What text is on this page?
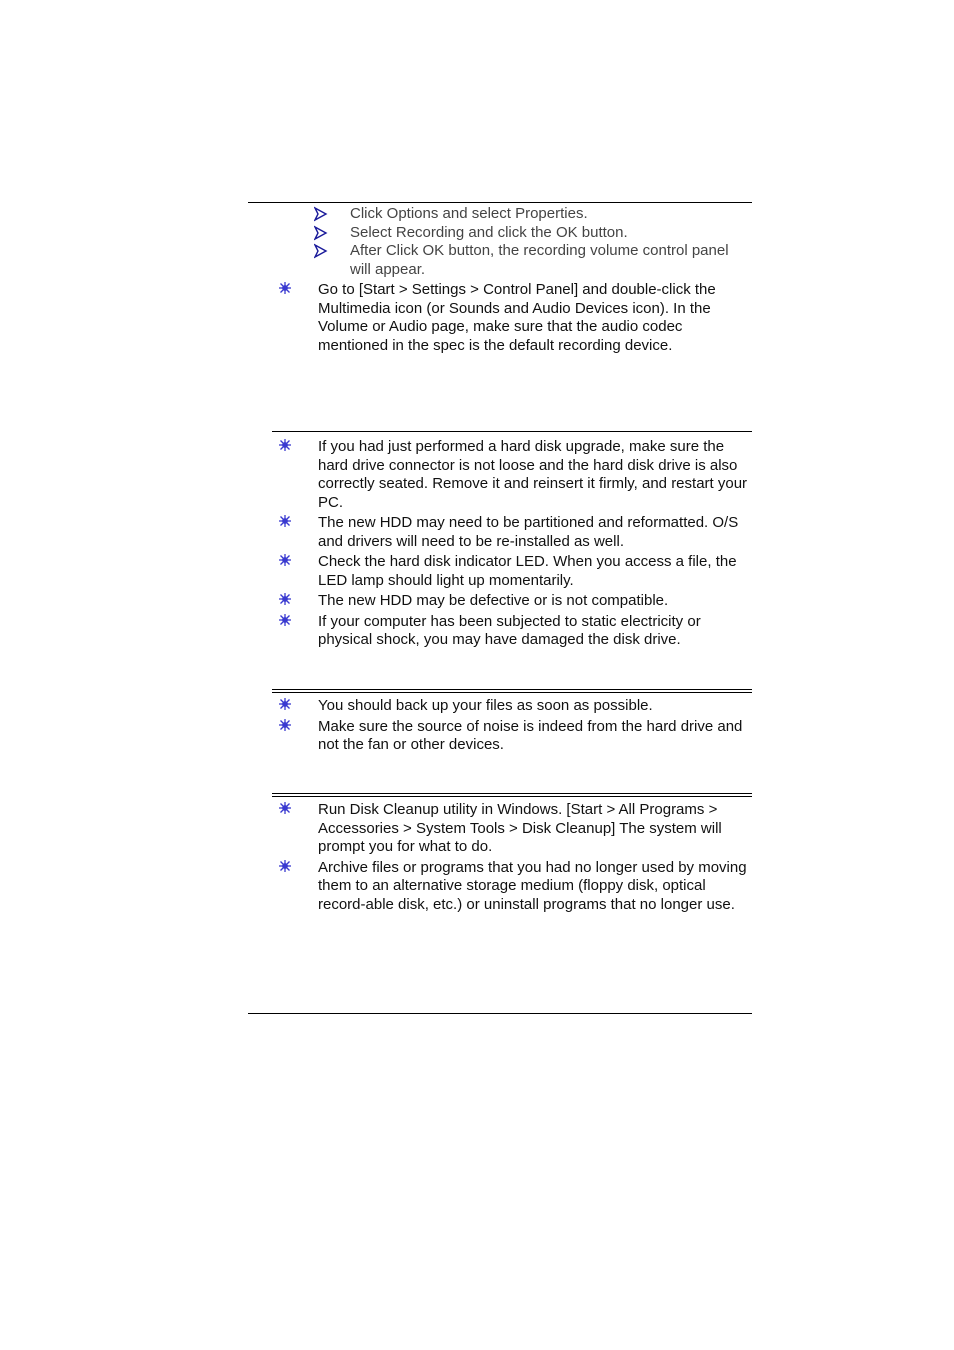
Click Options and select Properties.
Select Recording and click the OK button.
After Click OK button, the recording volume control panel will appear.
Go to [Start > Settings > Control Panel] and double-click the Multimedia icon (or Sounds and Audio Devices icon). In the Volume or Audio page, make sure that the audio codec mentioned in the spec is the default recording device.
If you had just performed a hard disk upgrade, make sure the hard drive connector is not loose and the hard disk drive is also correctly seated. Remove it and reinsert it firmly, and restart your PC.
The new HDD may need to be partitioned and reformatted. O/S and drivers will need to be re-installed as well.
Check the hard disk indicator LED. When you access a file, the LED lamp should light up momentarily.
The new HDD may be defective or is not compatible.
If your computer has been subjected to static electricity or physical shock, you may have damaged the disk drive.
You should back up your files as soon as possible.
Make sure the source of noise is indeed from the hard drive and not the fan or other devices.
Run Disk Cleanup utility in Windows. [Start > All Programs > Accessories > System Tools > Disk Cleanup] The system will prompt you for what to do.
Archive files or programs that you had no longer used by moving them to an alternative storage medium (floppy disk, optical record-able disk, etc.) or uninstall programs that no longer use.
